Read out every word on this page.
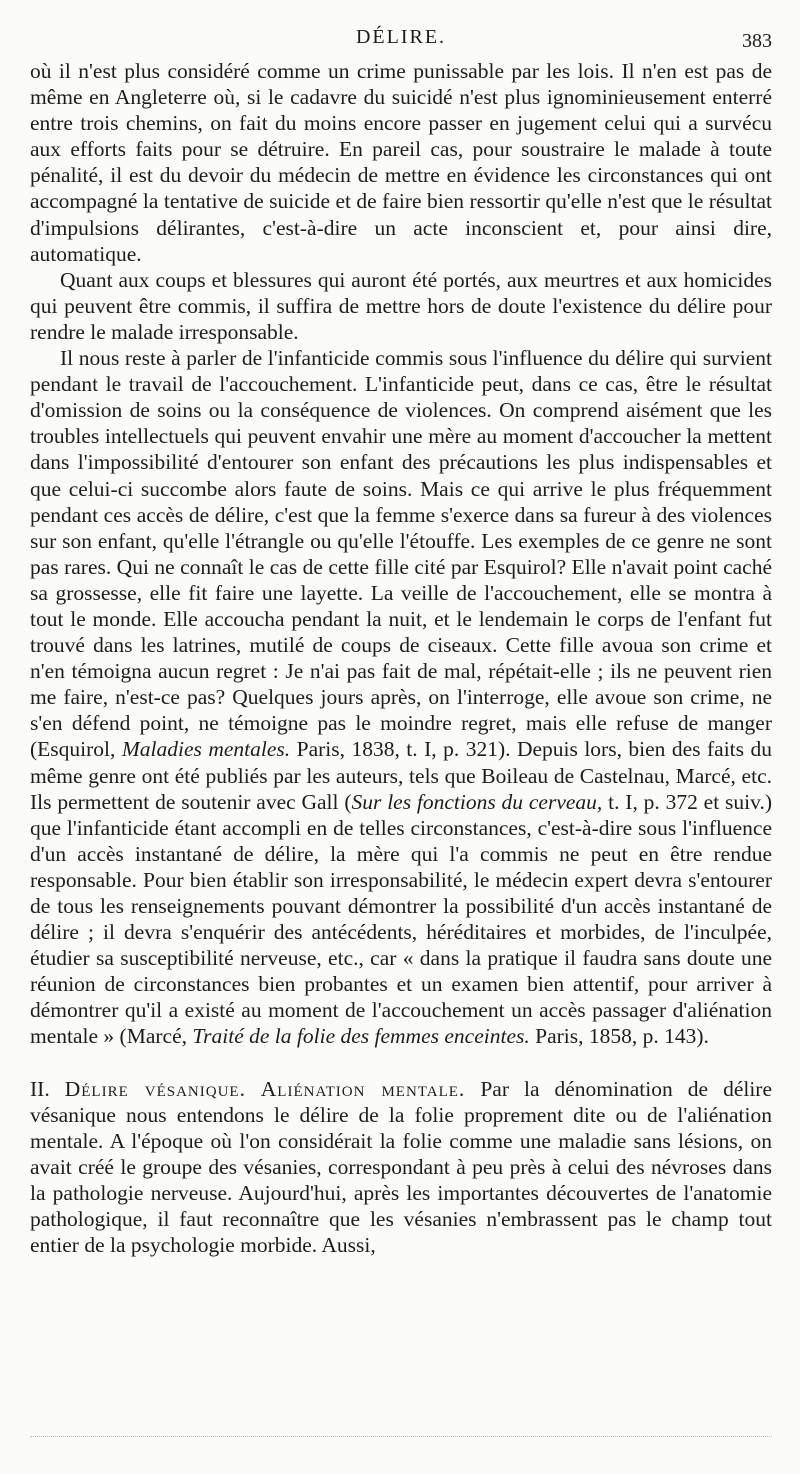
DÉLIRE.	383

où il n'est plus considéré comme un crime punissable par les lois. Il n'en est pas de même en Angleterre où, si le cadavre du suicidé n'est plus ignominieusement enterré entre trois chemins, on fait du moins encore passer en jugement celui qui a survécu aux efforts faits pour se détruire. En pareil cas, pour soustraire le malade à toute pénalité, il est du devoir du médecin de mettre en évidence les circonstances qui ont accompagné la tentative de suicide et de faire bien ressortir qu'elle n'est que le résultat d'impulsions délirantes, c'est-à-dire un acte inconscient et, pour ainsi dire, automatique.

Quant aux coups et blessures qui auront été portés, aux meurtres et aux homicides qui peuvent être commis, il suffira de mettre hors de doute l'existence du délire pour rendre le malade irresponsable.

Il nous reste à parler de l'infanticide commis sous l'influence du délire qui survient pendant le travail de l'accouchement. L'infanticide peut, dans ce cas, être le résultat d'omission de soins ou la conséquence de violences. On comprend aisément que les troubles intellectuels qui peuvent envahir une mère au moment d'accoucher la mettent dans l'impossibilité d'entourer son enfant des précautions les plus indispensables et que celui-ci succombe alors faute de soins. Mais ce qui arrive le plus fréquemment pendant ces accès de délire, c'est que la femme s'exerce dans sa fureur à des violences sur son enfant, qu'elle l'étrangle ou qu'elle l'étouffe. Les exemples de ce genre ne sont pas rares. Qui ne connaît le cas de cette fille cité par Esquirol? Elle n'avait point caché sa grossesse, elle fit faire une layette. La veille de l'accouchement, elle se montra à tout le monde. Elle accoucha pendant la nuit, et le lendemain le corps de l'enfant fut trouvé dans les latrines, mutilé de coups de ciseaux. Cette fille avoua son crime et n'en témoigna aucun regret : Je n'ai pas fait de mal, répétait-elle ; ils ne peuvent rien me faire, n'est-ce pas? Quelques jours après, on l'interroge, elle avoue son crime, ne s'en défend point, ne témoigne pas le moindre regret, mais elle refuse de manger (Esquirol, Maladies mentales. Paris, 1838, t. I, p. 321). Depuis lors, bien des faits du même genre ont été publiés par les auteurs, tels que Boileau de Castelnau, Marcé, etc. Ils permettent de soutenir avec Gall (Sur les fonctions du cerveau, t. I, p. 372 et suiv.) que l'infanticide étant accompli en de telles circonstances, c'est-à-dire sous l'influence d'un accès instantané de délire, la mère qui l'a commis ne peut en être rendue responsable. Pour bien établir son irresponsabilité, le médecin expert devra s'entourer de tous les renseignements pouvant démontrer la possibilité d'un accès instantané de délire ; il devra s'enquérir des antécédents, héréditaires et morbides, de l'inculpée, étudier sa susceptibilité nerveuse, etc., car « dans la pratique il faudra sans doute une réunion de circonstances bien probantes et un examen bien attentif, pour arriver à démontrer qu'il a existé au moment de l'accouchement un accès passager d'aliénation mentale » (Marcé, Traité de la folie des femmes enceintes. Paris, 1858, p. 143).

II. Délire vésanique. Aliénation mentale. Par la dénomination de délire vésanique nous entendons le délire de la folie proprement dite ou de l'aliénation mentale. A l'époque où l'on considérait la folie comme une maladie sans lésions, on avait créé le groupe des vésanies, correspondant à peu près à celui des névroses dans la pathologie nerveuse. Aujourd'hui, après les importantes découvertes de l'anatomie pathologique, il faut reconnaître que les vésanies n'embrassent pas le champ tout entier de la psychologie morbide. Aussi,
